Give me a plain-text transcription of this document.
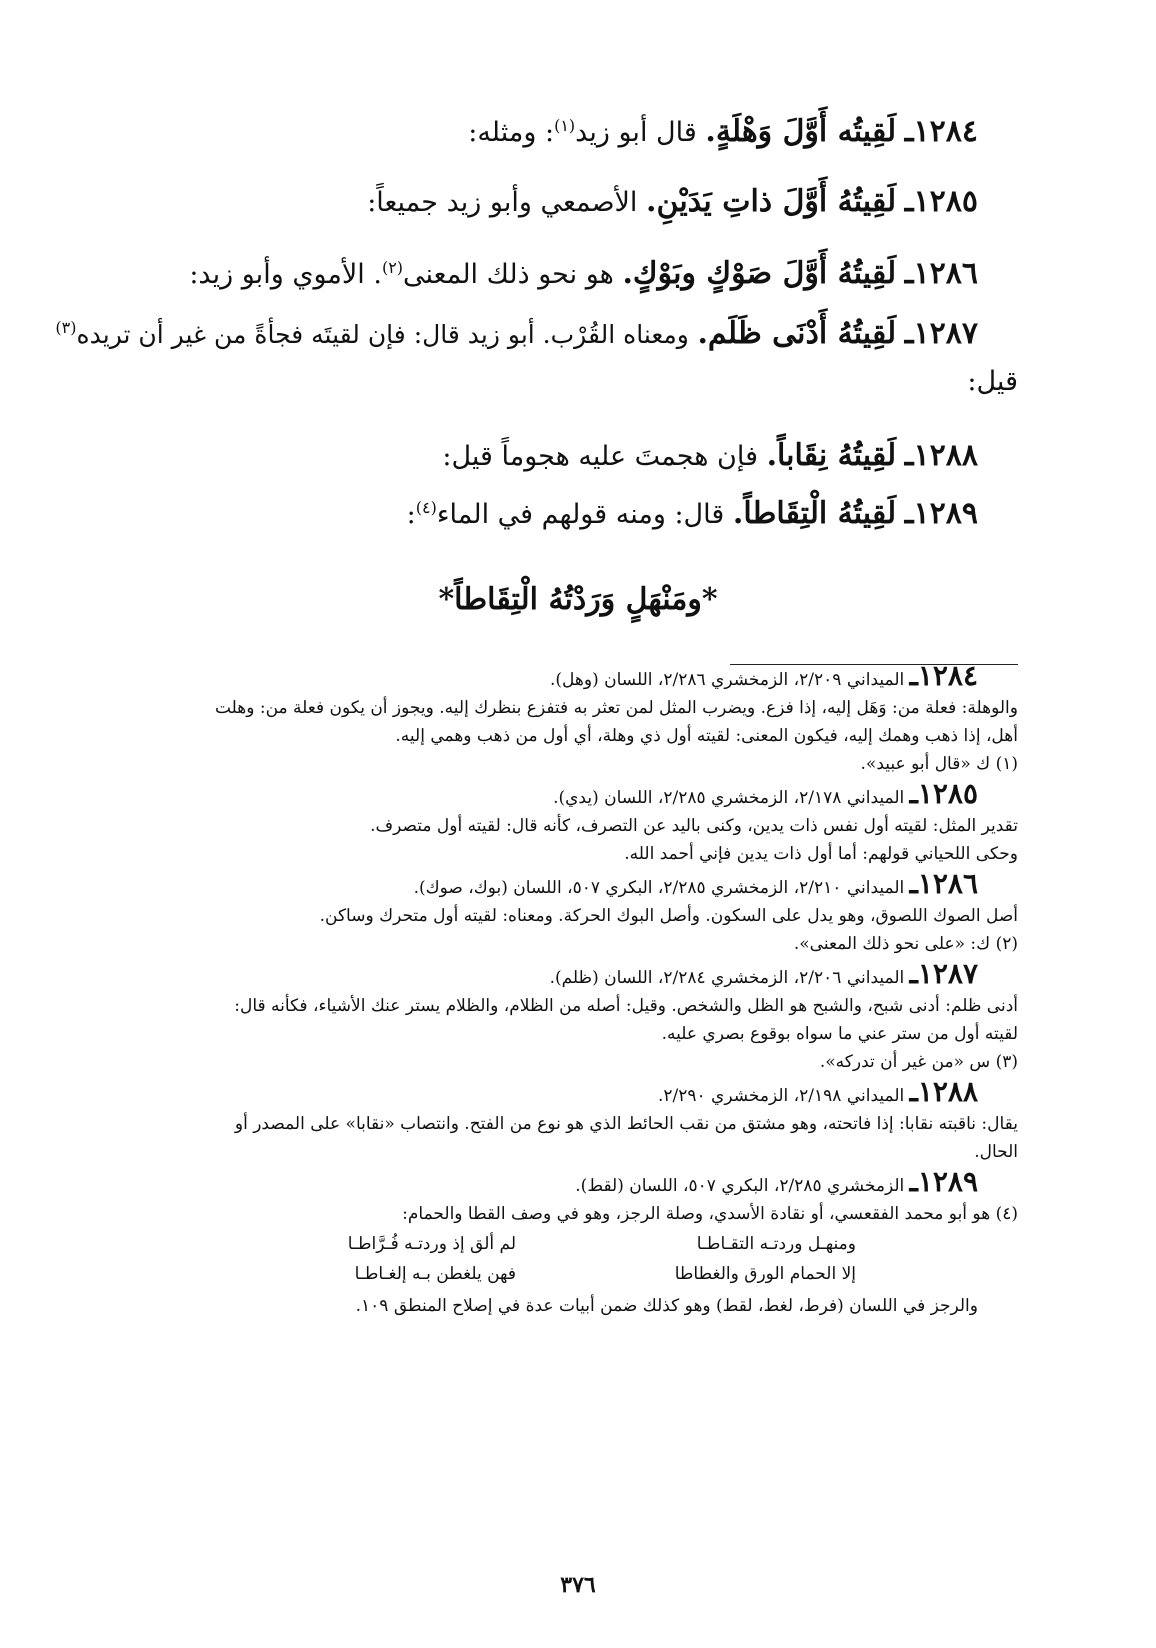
١٢٨٤ـ لَقِيتُه أَوَّلَ وَهْلَةٍ. قال أبو زيد$^{(١)}$: ومثله:
١٢٨٥ـ لَقِيتُهُ أَوَّلَ ذاتِ يَدَيْنِ. الأصمعي وأبو زيد جميعاً:
١٢٨٦ـ لَقِيتُهُ أَوَّلَ صَوْكٍ وبَوْكٍ. هو نحو ذلك المعنى$^{(٢)}$. الأموي وأبو زيد:
١٢٨٧ـ لَقِيتُهُ أَدْنَى ظَلَم. ومعناه القُرْب. أبو زيد قال: فإن لقيتَه فجأةً من غير أن تريده$^{(٣)}$
قيل:
١٢٨٨ـ لَقِيتُهُ نِقَاباً. فإن هجمتَ عليه هجوماً قيل:
١٢٨٩ـ لَقِيتُهُ الْتِقَاطاً. قال: ومنه قولهم في الماء$^{(٤)}$:
*ومَنْهَلٍ وَرَدْتُهُ الْتِقَاطاً*
١٢٨٤ـ الميداني ٢/٢٠٩، الزمخشري ٢/٢٨٦، اللسان (وهل).
والوهلة: فعلة من: وَهَل إليه، إذا فزع. ويضرب المثل لمن تعثر به فتفزع بنظرك إليه. ويجوز أن يكون فعلة من: وهلت
أهل، إذا ذهب وهمك إليه، فيكون المعنى: لقيته أول ذي وهلة، أي أول من ذهب وهمي إليه.
(١) ك «قال أبو عبيد».
١٢٨٥ـ الميداني ٢/١٧٨، الزمخشري ٢/٢٨٥، اللسان (يدي).
تقدير المثل: لقيته أول نفس ذات يدين، وكنى باليد عن التصرف، كأنه قال: لقيته أول متصرف.
وحكى اللحياني قولهم: أما أول ذات يدين فإني أحمد الله.
١٢٨٦ـ الميداني ٢/٢١٠، الزمخشري ٢/٢٨٥، البكري ٥٠٧، اللسان (بوك، صوك).
أصل الصوك اللصوق، وهو يدل على السكون. وأصل البوك الحركة. ومعناه: لقيته أول متحرك وساكن.
(٢) ك: «على نحو ذلك المعنى».
١٢٨٧ـ الميداني ٢/٢٠٦، الزمخشري ٢/٢٨٤، اللسان (ظلم).
أدنى ظلم: أدنى شبح، والشبح هو الظل والشخص. وقيل: أصله من الظلام، والظلام يستر عنك الأشياء، فكأنه قال:
لقيته أول من ستر عني ما سواه بوقوع بصري عليه.
(٣) س «من غير أن تدركه».
١٢٨٨ـ الميداني ٢/١٩٨، الزمخشري ٢/٢٩٠.
يقال: ناقبته نقابا: إذا فاتحته، وهو مشتق من نقب الحائط الذي هو نوع من الفتح. وانتصاب «نقابا» على المصدر أو
الحال.
١٢٨٩ـ الزمخشري ٢/٢٨٥، البكري ٥٠٧، اللسان (لقط).
(٤) هو أبو محمد الفقعسي، أو نقادة الأسدي، وصلة الرجز، وهو في وصف القطا والحمام:
ومنهـل وردتـه التقـاطـا
لم ألق إذ وردتـه فُـرَّاطـا
إلا الحمام الورق والغطاطا
فهن يلغطن بـه إلغـاطـا
والرجز في اللسان (فرط، لغط، لقط) وهو كذلك ضمن أبيات عدة في إصلاح المنطق ١٠٩.
٣٧٦
